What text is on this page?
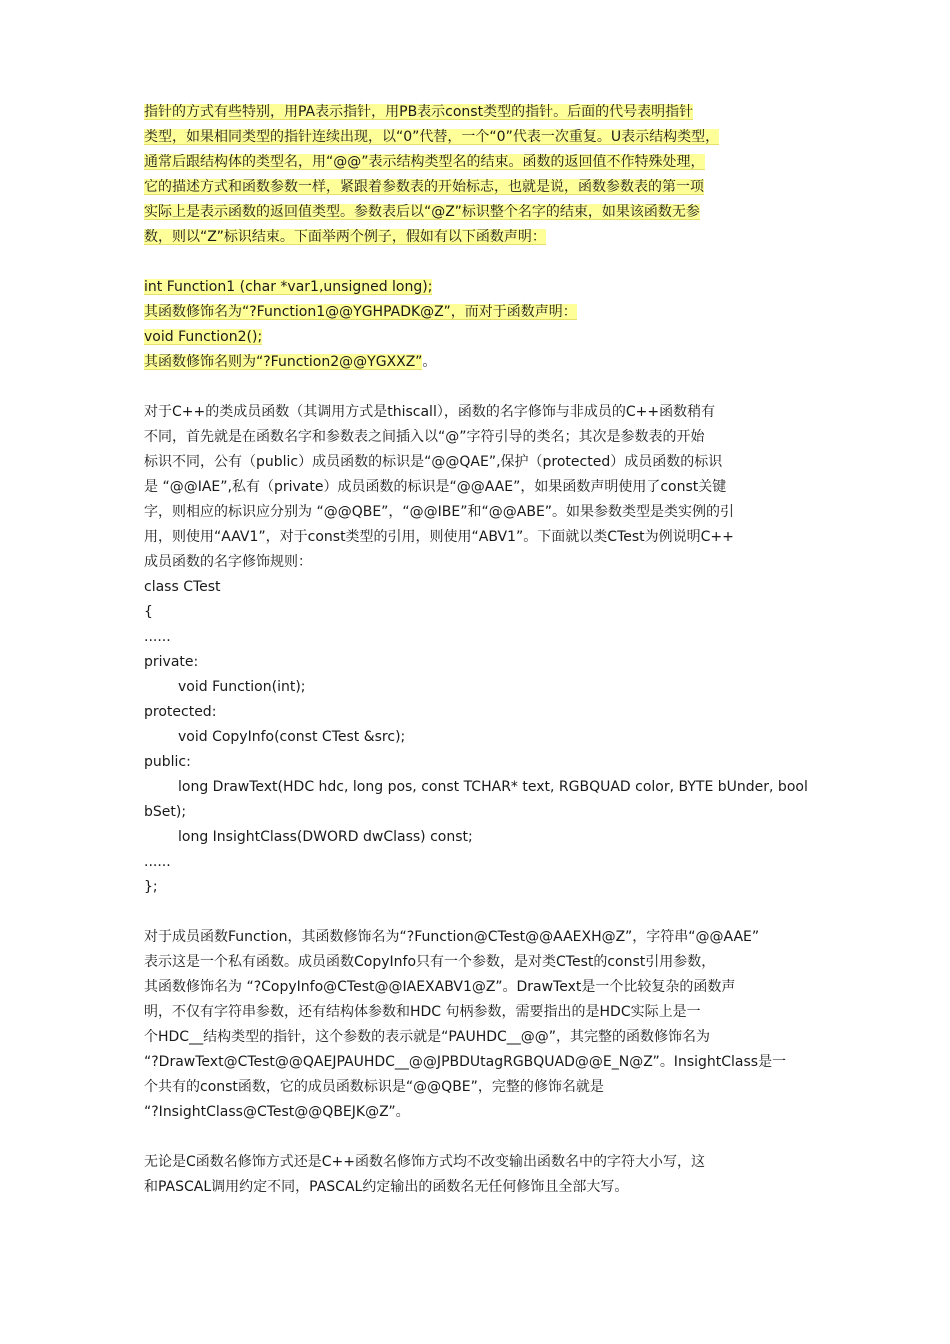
指针的方式有些特别，用PA表示指针，用PB表示const类型的指针。后面的代号表明指针
类型，如果相同类型的指针连续出现，以“0”代替，一个“0”代表一次重复。U表示结构类型，
通常后跟结构体的类型名，用“@@”表示结构类型名的结束。函数的返回值不作特殊处理，
它的描述方式和函数参数一样，紧跟着参数表的开始标志，也就是说，函数参数表的第一项
实际上是表示函数的返回值类型。参数表后以“@Z”标识整个名字的结束，如果该函数无参
数，则以“Z”标识结束。下面举两个例子，假如有以下函数声明：
int Function1 (char *var1,unsigned long);
其函数修饰名为“?Function1@@YGHPADK@Z”，而对于函数声明：
void Function2();
其函数修饰名则为“?Function2@@YGXXZ”。
对于C++的类成员函数（其调用方式是thiscall），函数的名字修饰与非成员的C++函数稍有
不同，首先就是在函数名字和参数表之间插入以“@”字符引导的类名；其次是参数表的开始
标识不同，公有（public）成员函数的标识是“@@QAE”,保护（protected）成员函数的标识
是 “@@IAE”,私有（private）成员函数的标识是“@@AAE”，如果函数声明使用了const关键
字，则相应的标识应分别为 “@@QBE”，“@@IBE”和“@@ABE”。如果参数类型是类实例的引
用，则使用“AAV1”，对于const类型的引用，则使用“ABV1”。下面就以类CTest为例说明C++
成员函数的名字修饰规则：
class CTest
{
......
private:
void Function(int);
protected:
void CopyInfo(const CTest &src);
public:
long DrawText(HDC hdc, long pos, const TCHAR* text, RGBQUAD color, BYTE bUnder, bool
bSet);
long InsightClass(DWORD dwClass) const;
......
};
对于成员函数Function，其函数修饰名为“?Function@CTest@@AAEXH@Z”，字符串“@@AAE”
表示这是一个私有函数。成员函数CopyInfo只有一个参数，是对类CTest的const引用参数，
其函数修饰名为 “?CopyInfo@CTest@@IAEXABV1@Z”。DrawText是一个比较复杂的函数声
明，不仅有字符串参数，还有结构体参数和HDC 句柄参数，需要指出的是HDC实际上是一
个HDC__结构类型的指针，这个参数的表示就是“PAUHDC__@@”，其完整的函数修饰名为
“?DrawText@CTest@@QAEJPAUHDC__@@JPBDUtagRGBQUAD@@E_N@Z”。InsightClass是一
个共有的const函数，它的成员函数标识是“@@QBE”，完整的修饰名就是
“?InsightClass@CTest@@QBEJK@Z”。
无论是C函数名修饰方式还是C++函数名修饰方式均不改变输出函数名中的字符大小写，这
和PASCAL调用约定不同，PASCAL约定输出的函数名无任何修饰且全部大写。
